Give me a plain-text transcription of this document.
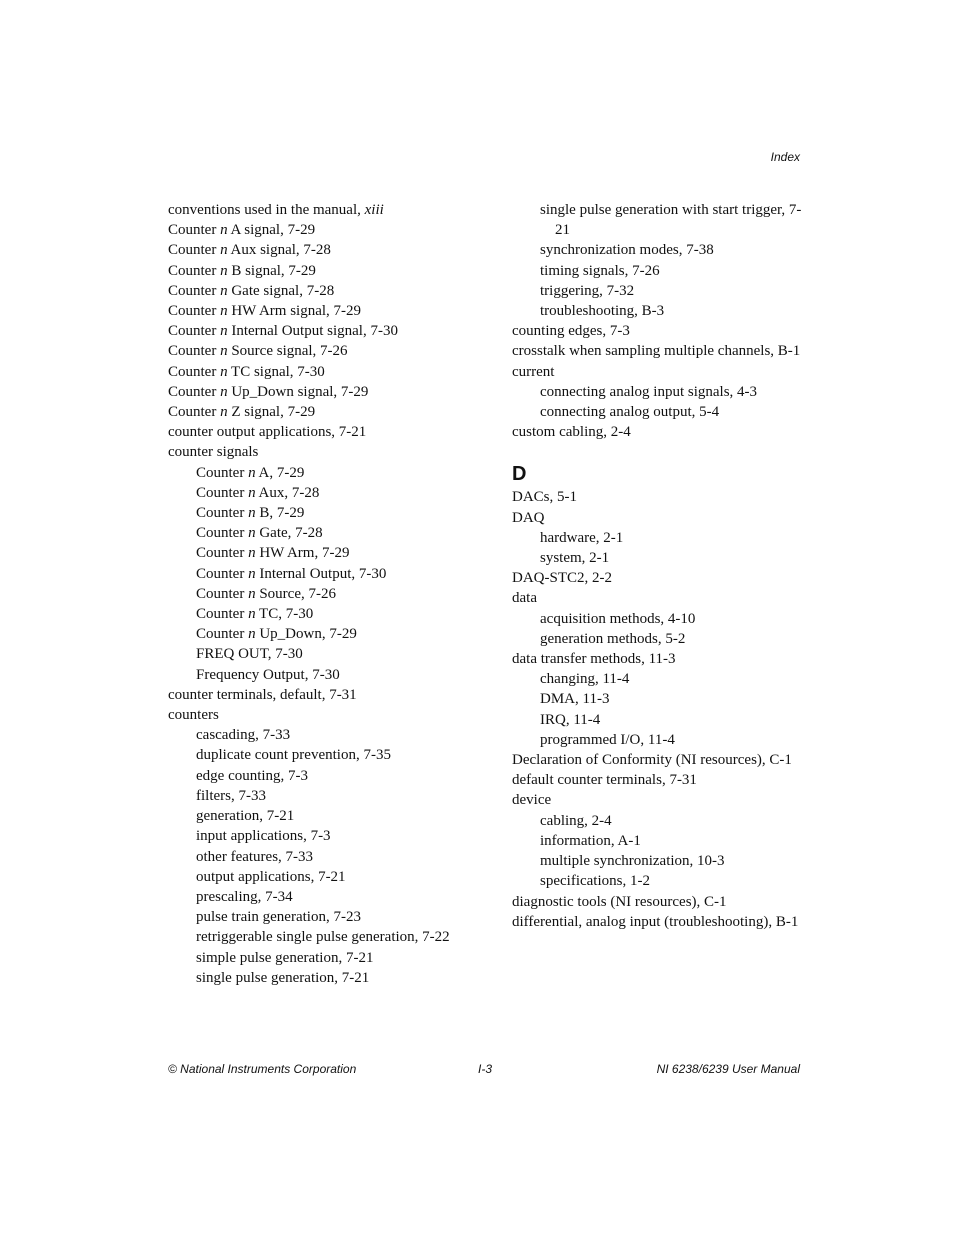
Index
conventions used in the manual, xiii
Counter n A signal, 7-29
Counter n Aux signal, 7-28
Counter n B signal, 7-29
Counter n Gate signal, 7-28
Counter n HW Arm signal, 7-29
Counter n Internal Output signal, 7-30
Counter n Source signal, 7-26
Counter n TC signal, 7-30
Counter n Up_Down signal, 7-29
Counter n Z signal, 7-29
counter output applications, 7-21
counter signals
Counter n A, 7-29
Counter n Aux, 7-28
Counter n B, 7-29
Counter n Gate, 7-28
Counter n HW Arm, 7-29
Counter n Internal Output, 7-30
Counter n Source, 7-26
Counter n TC, 7-30
Counter n Up_Down, 7-29
FREQ OUT, 7-30
Frequency Output, 7-30
counter terminals, default, 7-31
counters
cascading, 7-33
duplicate count prevention, 7-35
edge counting, 7-3
filters, 7-33
generation, 7-21
input applications, 7-3
other features, 7-33
output applications, 7-21
prescaling, 7-34
pulse train generation, 7-23
retriggerable single pulse generation, 7-22
simple pulse generation, 7-21
single pulse generation, 7-21
single pulse generation with start trigger, 7-21
synchronization modes, 7-38
timing signals, 7-26
triggering, 7-32
troubleshooting, B-3
counting edges, 7-3
crosstalk when sampling multiple channels, B-1
current
connecting analog input signals, 4-3
connecting analog output, 5-4
custom cabling, 2-4
D
DACs, 5-1
DAQ
hardware, 2-1
system, 2-1
DAQ-STC2, 2-2
data
acquisition methods, 4-10
generation methods, 5-2
data transfer methods, 11-3
changing, 11-4
DMA, 11-3
IRQ, 11-4
programmed I/O, 11-4
Declaration of Conformity (NI resources), C-1
default counter terminals, 7-31
device
cabling, 2-4
information, A-1
multiple synchronization, 10-3
specifications, 1-2
diagnostic tools (NI resources), C-1
differential, analog input (troubleshooting), B-1
© National Instruments Corporation	I-3	NI 6238/6239 User Manual
